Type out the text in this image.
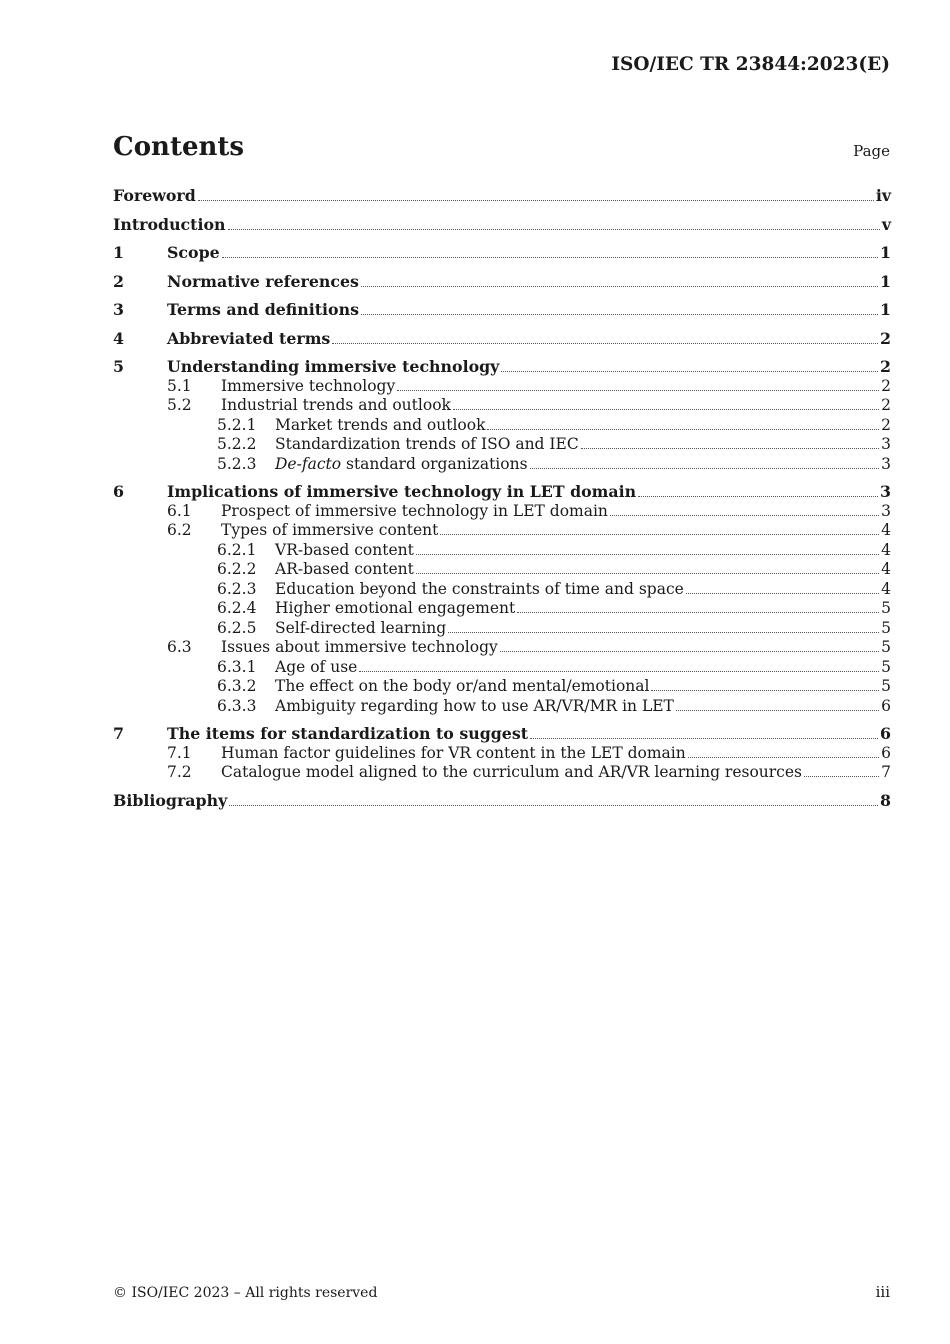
ISO/IEC TR 23844:2023(E)
Contents	Page
Foreword	iv
Introduction	v
1	Scope	1
2	Normative references	1
3	Terms and definitions	1
4	Abbreviated terms	2
5	Understanding immersive technology	2
5.1	Immersive technology	2
5.2	Industrial trends and outlook	2
5.2.1	Market trends and outlook	2
5.2.2	Standardization trends of ISO and IEC	3
5.2.3	De-facto standard organizations	3
6	Implications of immersive technology in LET domain	3
6.1	Prospect of immersive technology in LET domain	3
6.2	Types of immersive content	4
6.2.1	VR-based content	4
6.2.2	AR-based content	4
6.2.3	Education beyond the constraints of time and space	4
6.2.4	Higher emotional engagement	5
6.2.5	Self-directed learning	5
6.3	Issues about immersive technology	5
6.3.1	Age of use	5
6.3.2	The effect on the body or/and mental/emotional	5
6.3.3	Ambiguity regarding how to use AR/VR/MR in LET	6
7	The items for standardization to suggest	6
7.1	Human factor guidelines for VR content in the LET domain	6
7.2	Catalogue model aligned to the curriculum and AR/VR learning resources	7
Bibliography	8
© ISO/IEC 2023 – All rights reserved	iii
